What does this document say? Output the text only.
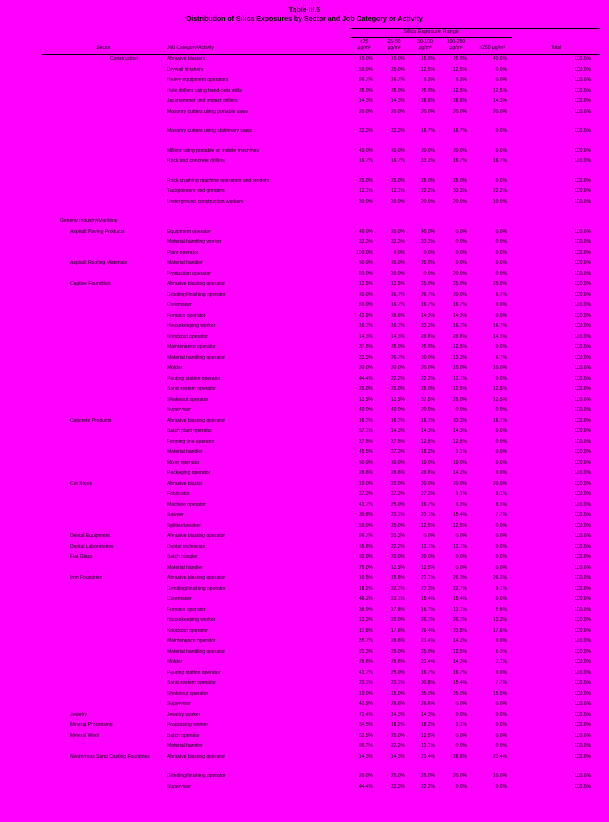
Table III.5
Distribution of Silica Exposures by Sector and Job Category or Activity
		Silica Exposure Range					

Sector	Job Category/Activity

<25
µg/m³

25-50
µg/m³

50-100
µg/m³

100-250
µg/m³	>250 µg/m³	Total

Construction	Abrasive blasters	10.0%	10.0%	15.0%	25.0%	40.0%	100.0%
	Drywall finishers	50.0%	25.0%	12.5%	12.5%	0.0%	100.0%
	Heavy equipment operators	66.7%	16.7%	8.3%	8.3%	0.0%	100.0%
	Hole drillers using hand-held drills	25.0%	25.0%	25.0%	12.5%	12.5%	100.0%
	Jackhammer and impact drillers	14.3%	14.3%	28.6%	28.6%	14.3%	100.0%
	Masonry cutters using portable saws	20.0%	20.0%	20.0%	20.0%	20.0%	100.0%

	Masonry cutters using stationary saws	33.3%	33.3%	16.7%	16.7%	0.0%	100.0%

	Millers using portable or mobile machines	40.0%	20.0%	20.0%	20.0%	0.0%	100.0%
	Rock and concrete drillers	16.7%	16.7%	33.3%	16.7%	16.7%	100.0%

	Rock crushing machine operators and tenders	25.0%	25.0%	25.0%	25.0%	0.0%	100.0%
	Tuckpointers and grinders	11.1%	11.1%	22.2%	33.3%	22.2%	100.0%
	Underground construction workers	30.0%	20.0%	20.0%	20.0%	10.0%	100.0%

General Industry/Maritime							
Asphalt Paving Products	Equipment operator	40.0%	20.0%	40.0%	0.0%	0.0%	100.0%
	Material handling worker	33.3%	33.3%	33.3%	0.0%	0.0%	100.0%
	Plant operator	100.0%	0.0%	0.0%	0.0%	0.0%	100.0%
Asphalt Roofing Materials	Material handler	50.0%	25.0%	25.0%	0.0%	0.0%	100.0%
	Production operator	60.0%	20.0%	0.0%	20.0%	0.0%	100.0%
Captive Foundries	Abrasive blasting operator	12.5%	12.5%	25.0%	25.0%	25.0%	100.0%
	Grinding/finishing operator	20.0%	26.7%	26.7%	20.0%	6.7%	100.0%
	Coremaker	50.0%	16.7%	16.7%	16.7%	0.0%	100.0%
	Furnace operator	42.9%	28.6%	14.3%	14.3%	0.0%	100.0%
	Housekeeping worker	16.7%	16.7%	33.3%	16.7%	16.7%	100.0%
	Knockout operator	14.3%	14.3%	28.6%	28.6%	14.3%	100.0%
	Maintenance operator	37.5%	25.0%	25.0%	12.5%	0.0%	100.0%
	Material handling operator	33.3%	26.7%	20.0%	13.3%	6.7%	100.0%
	Molder	30.0%	30.0%	20.0%	10.0%	10.0%	100.0%
	Pouring station operator	44.4%	22.2%	22.2%	11.1%	0.0%	100.0%
	Sand system operator	25.0%	25.0%	25.0%	12.5%	12.5%	100.0%
	Shakeout operator	12.5%	12.5%	37.5%	25.0%	12.5%	100.0%
	Supervisor	40.0%	40.0%	20.0%	0.0%	0.0%	100.0%
Concrete Products	Abrasive blasting operator	16.7%	16.7%	16.7%	33.3%	16.7%	100.0%
	Batch plant operator	57.1%	14.3%	14.3%	14.3%	0.0%	100.0%
	Forming line operator	37.5%	37.5%	12.5%	12.5%	0.0%	100.0%
	Material handler	45.5%	27.3%	18.2%	9.1%	0.0%	100.0%
	Mixer operator	50.0%	30.0%	10.0%	10.0%	0.0%	100.0%
	Packaging operator	28.6%	28.6%	28.6%	14.3%	0.0%	100.0%
Cut Stone	Abrasive blaster	10.0%	20.0%	30.0%	20.0%	20.0%	100.0%
	Fabricator	27.3%	27.3%	27.3%	9.1%	9.1%	100.0%
	Machine operator	41.7%	25.0%	16.7%	8.3%	8.3%	100.0%
	Sawyer	30.8%	23.1%	23.1%	15.4%	7.7%	100.0%
	Splitter/breaker	50.0%	25.0%	12.5%	12.5%	0.0%	100.0%
Dental Equipment	Abrasive blasting operator	66.7%	33.3%	0.0%	0.0%	0.0%	100.0%
Dental Laboratories	Dental technician	55.6%	22.2%	11.1%	11.1%	0.0%	100.0%
Flat Glass	Batch handler	60.0%	20.0%	20.0%	0.0%	0.0%	100.0%
	Material handler	75.0%	12.5%	12.5%	0.0%	0.0%	100.0%
Iron Foundries	Abrasive blasting operator	10.5%	15.8%	21.1%	26.3%	26.3%	100.0%
	Grinding/finishing operator	18.2%	22.7%	27.3%	22.7%	9.1%	100.0%
	Coremaker	46.2%	23.1%	15.4%	15.4%	0.0%	100.0%
	Furnace operator	38.9%	27.8%	16.7%	11.1%	5.6%	100.0%
	Housekeeping worker	13.3%	20.0%	26.7%	26.7%	13.3%	100.0%
	Knockout operator	11.8%	17.6%	29.4%	23.5%	17.6%	100.0%
	Maintenance operator	35.7%	28.6%	21.4%	14.3%	0.0%	100.0%
	Material handling operator	31.3%	25.0%	25.0%	12.5%	6.3%	100.0%
	Molder	28.6%	28.6%	21.4%	14.3%	7.1%	100.0%
	Pouring station operator	41.7%	25.0%	16.7%	16.7%	0.0%	100.0%
	Sand system operator	23.1%	23.1%	30.8%	15.4%	7.7%	100.0%
	Shakeout operator	10.0%	15.0%	35.0%	25.0%	15.0%	100.0%
	Supervisor	42.9%	28.6%	28.6%	0.0%	0.0%	100.0%
Jewelry	Jewelry worker	71.4%	14.3%	14.3%	0.0%	0.0%	100.0%
Mineral Processing	Processing worker	54.5%	18.2%	18.2%	9.1%	0.0%	100.0%
Mineral Wool	Batch operator	62.5%	25.0%	12.5%	0.0%	0.0%	100.0%
	Material handler	66.7%	22.2%	11.1%	0.0%	0.0%	100.0%
Nonferrous Sand Casting Foundries	Abrasive blasting operator	14.3%	14.3%	21.4%	28.6%	21.4%	100.0%

	Grinding/finishing operator	20.0%	25.0%	25.0%	20.0%	10.0%	100.0%
	Supervisor	44.4%	33.3%	22.2%	0.0%	0.0%	100.0%
